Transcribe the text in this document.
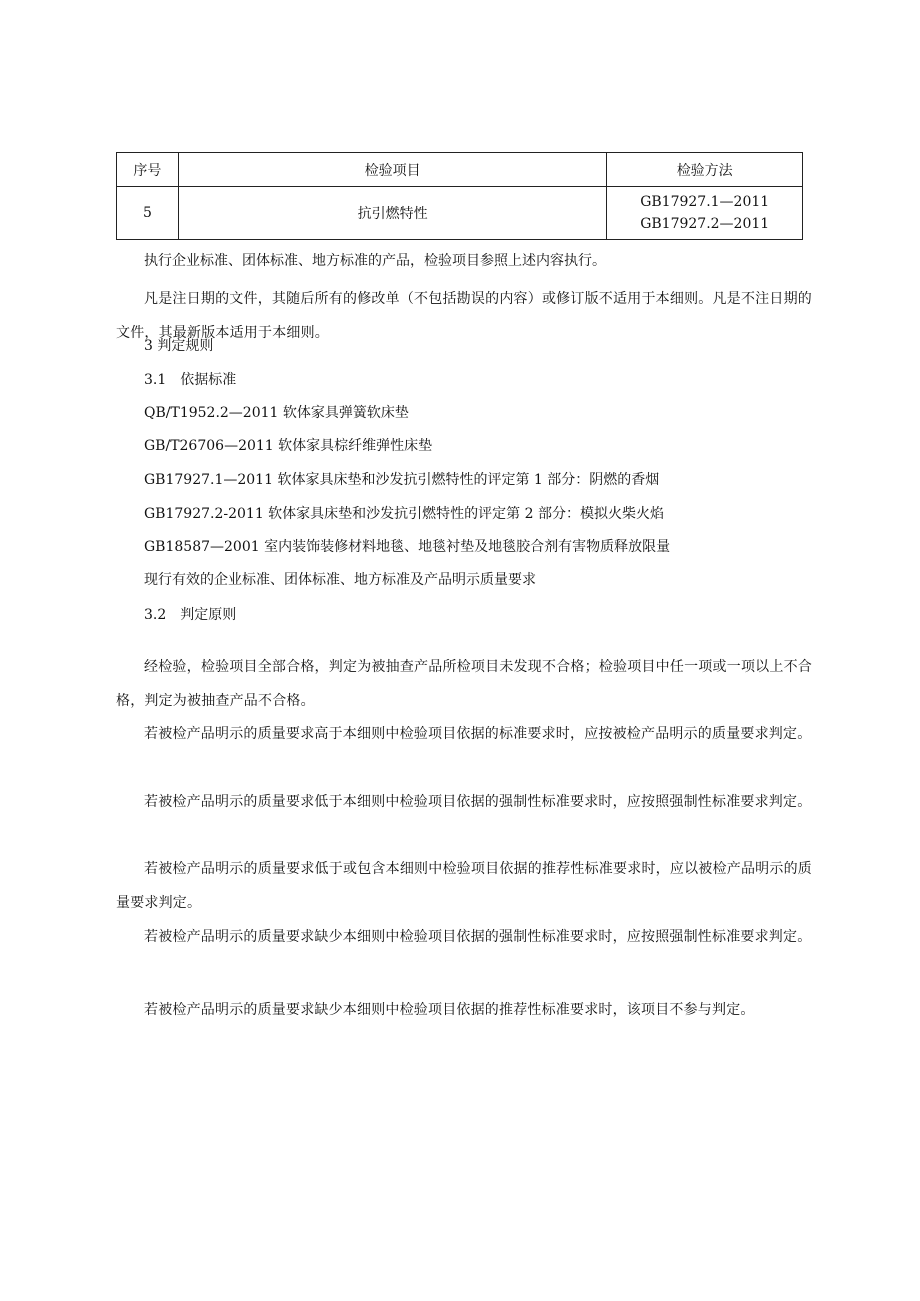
序号	检验项目	检验方法
5	抗引燃特性	GB17927.1—2011
GB17927.2—2011
执行企业标准、团体标准、地方标准的产品，检验项目参照上述内容执行。
凡是注日期的文件，其随后所有的修改单（不包括勘误的内容）或修订版不适用于本细则。凡是不注日期的文件，其最新版本适用于本细则。
3 判定规则
3.1　依据标准
QB/T1952.2—2011 软体家具弹簧软床垫
GB/T26706—2011 软体家具棕纤维弹性床垫
GB17927.1—2011 软体家具床垫和沙发抗引燃特性的评定第 1 部分：阴燃的香烟
GB17927.2-2011 软体家具床垫和沙发抗引燃特性的评定第 2 部分：模拟火柴火焰
GB18587—2001 室内装饰装修材料地毯、地毯衬垫及地毯胶合剂有害物质释放限量
现行有效的企业标准、团体标准、地方标准及产品明示质量要求
3.2　判定原则
经检验，检验项目全部合格，判定为被抽查产品所检项目未发现不合格；检验项目中任一项或一项以上不合格，判定为被抽查产品不合格。
若被检产品明示的质量要求高于本细则中检验项目依据的标准要求时，应按被检产品明示的质量要求判定。
若被检产品明示的质量要求低于本细则中检验项目依据的强制性标准要求时，应按照强制性标准要求判定。
若被检产品明示的质量要求低于或包含本细则中检验项目依据的推荐性标准要求时，应以被检产品明示的质量要求判定。
若被检产品明示的质量要求缺少本细则中检验项目依据的强制性标准要求时，应按照强制性标准要求判定。
若被检产品明示的质量要求缺少本细则中检验项目依据的推荐性标准要求时，该项目不参与判定。
